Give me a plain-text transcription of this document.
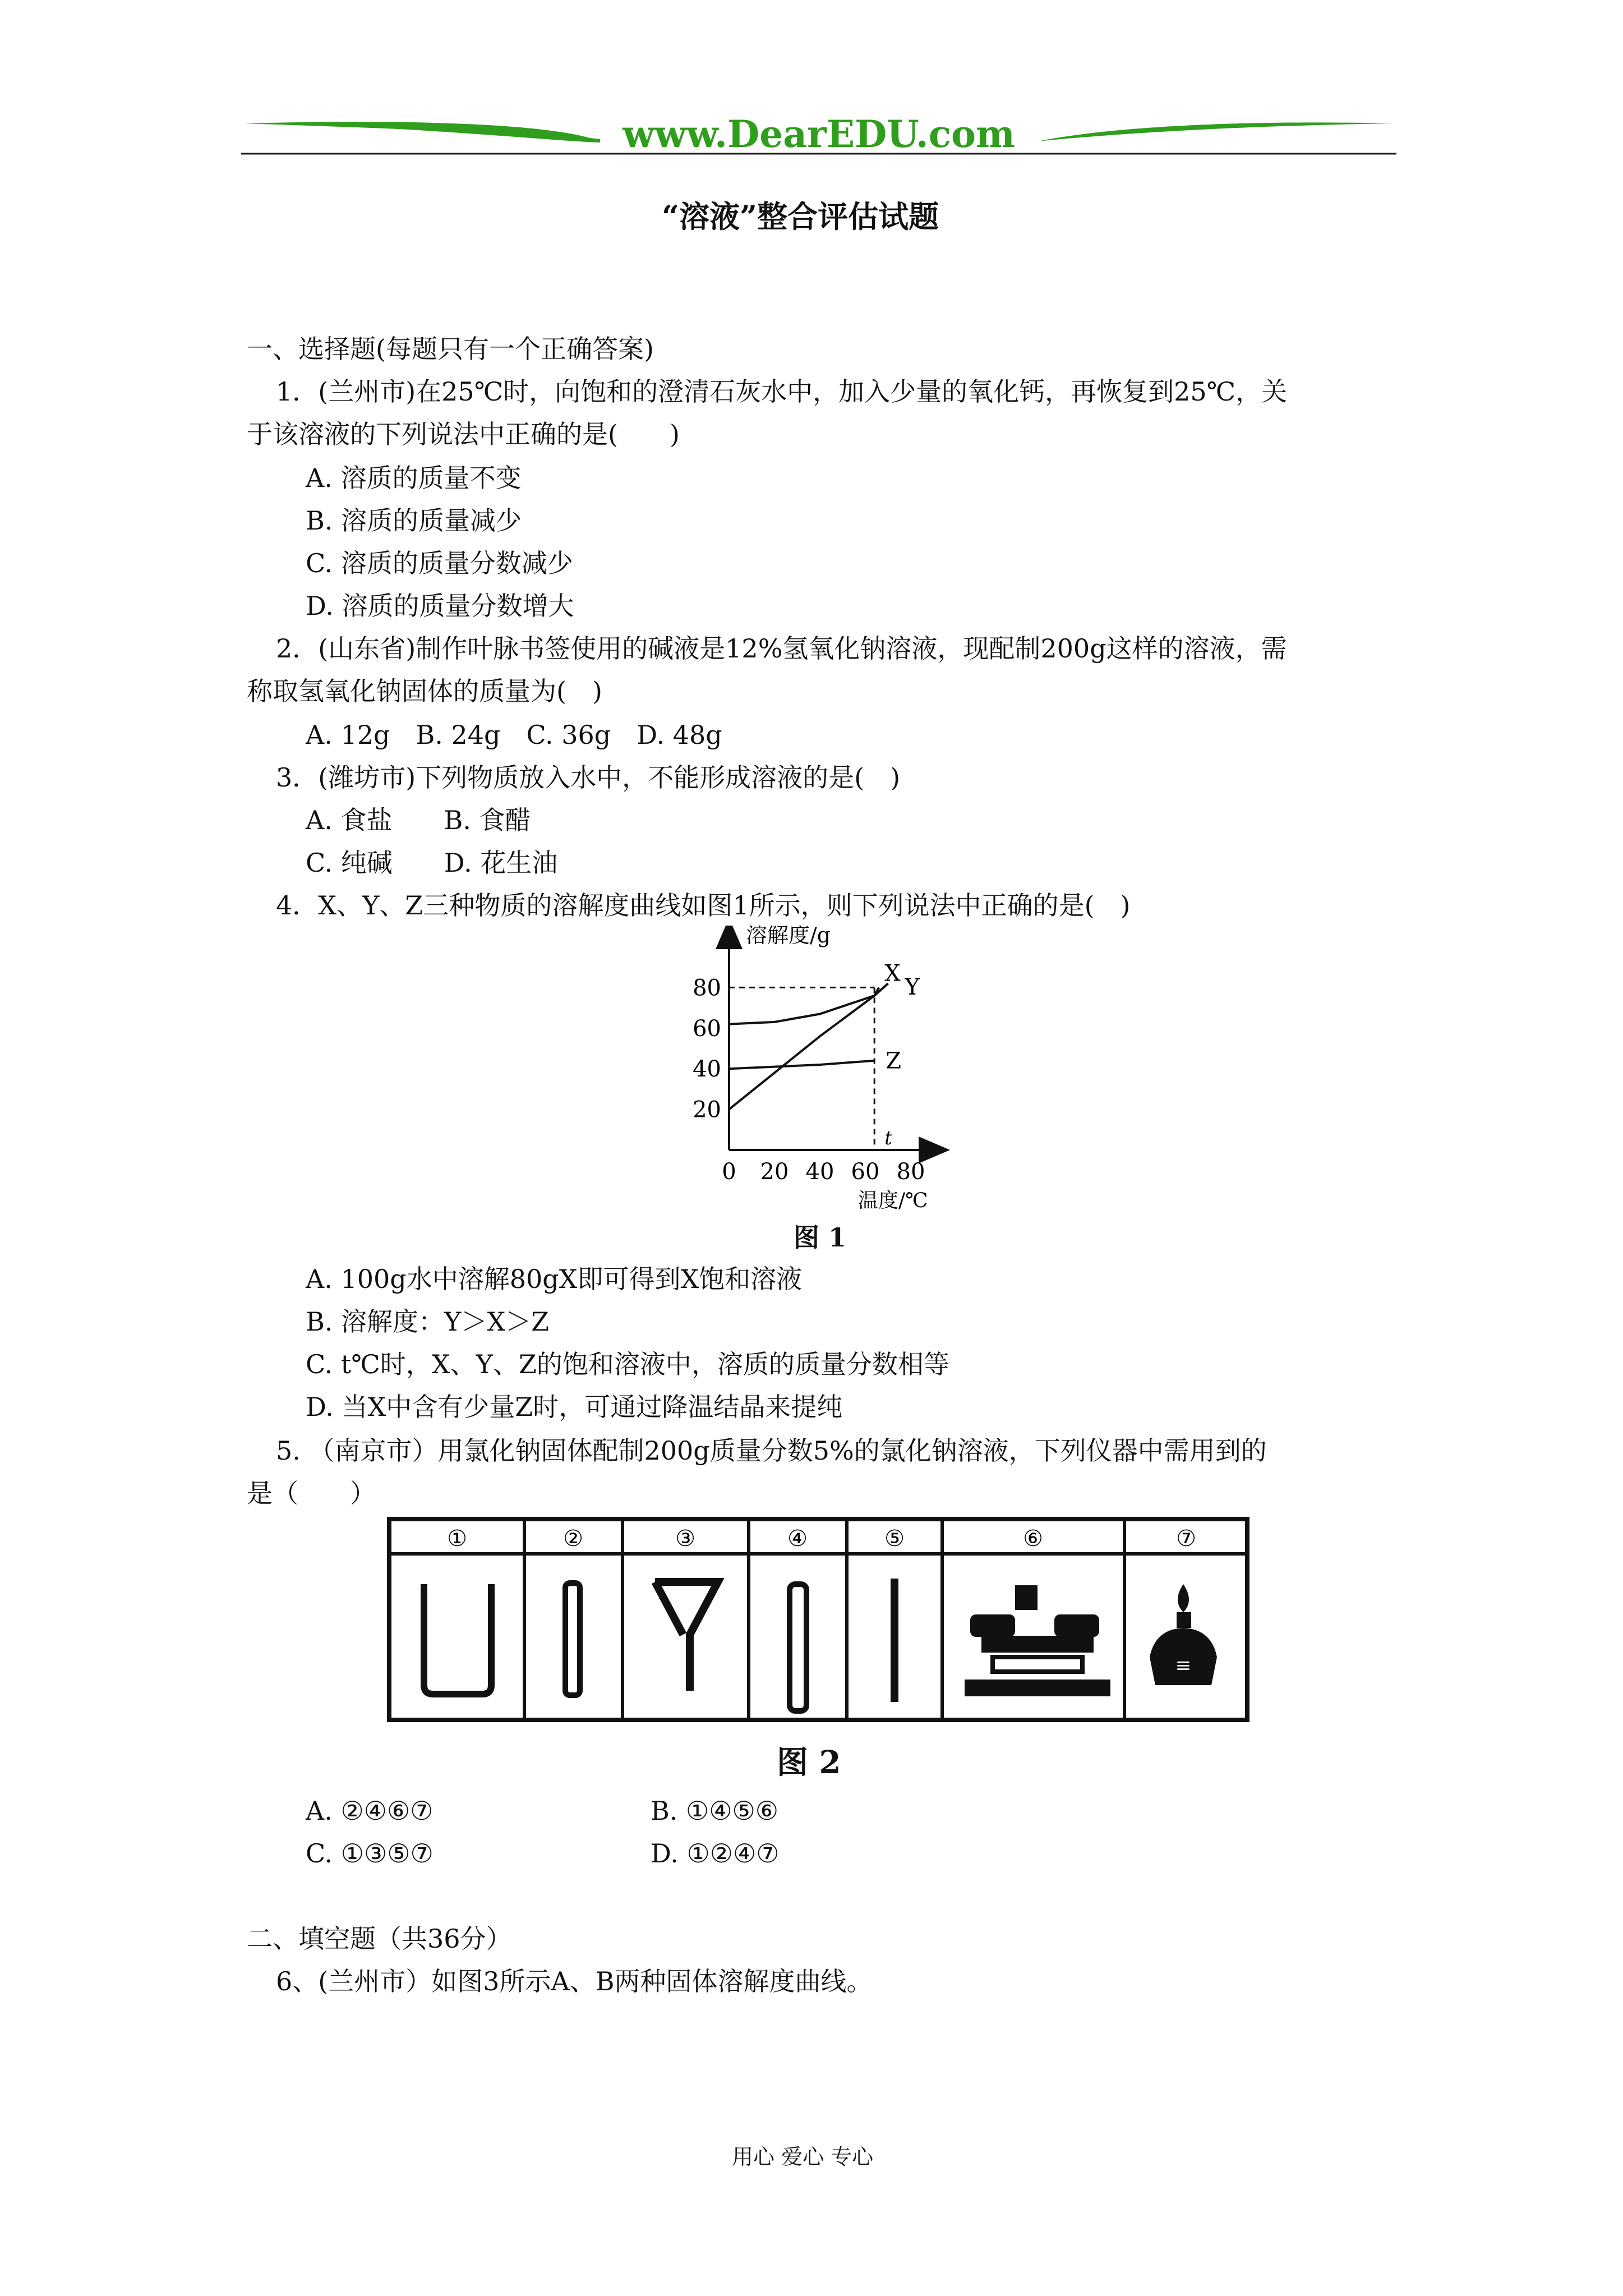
www.DearEDU.com
“溶液”整合评估试题
一、选择题(每题只有一个正确答案)
1．(兰州市)在25℃时，向饱和的澄清石灰水中，加入少量的氧化钙，再恢复到25℃，关
于该溶液的下列说法中正确的是(　　)
A. 溶质的质量不变
B. 溶质的质量减少
C. 溶质的质量分数减少
D. 溶质的质量分数增大
2．(山东省)制作叶脉书签使用的碱液是12%氢氧化钠溶液，现配制200g这样的溶液，需
称取氢氧化钠固体的质量为(　)
A. 12g　B. 24g　C. 36g　D. 48g
3．(潍坊市)下列物质放入水中，不能形成溶液的是(　)
A. 食盐　　B. 食醋
C. 纯碱　　D. 花生油
4．X、Y、Z三种物质的溶解度曲线如图1所示，则下列说法中正确的是(　)
80
60
40
20
0 20 40 60 80
溶解度/g
温度/℃
t
X
Y
Z
图 1
A. 100g水中溶解80gX即可得到X饱和溶液
B. 溶解度：Y＞X＞Z
C. t℃时，X、Y、Z的饱和溶液中，溶质的质量分数相等
D. 当X中含有少量Z时，可通过降温结晶来提纯
5. （南京市）用氯化钠固体配制200g质量分数5%的氯化钠溶液，下列仪器中需用到的
是（　　）
①	②	③	④	⑤	⑥	⑦
≡
图 2
A. ②④⑥⑦	B. ①④⑤⑥
C. ①③⑤⑦	D. ①②④⑦
二、填空题（共36分）
6、(兰州市）如图3所示A、B两种固体溶解度曲线。
用心 爱心 专心
